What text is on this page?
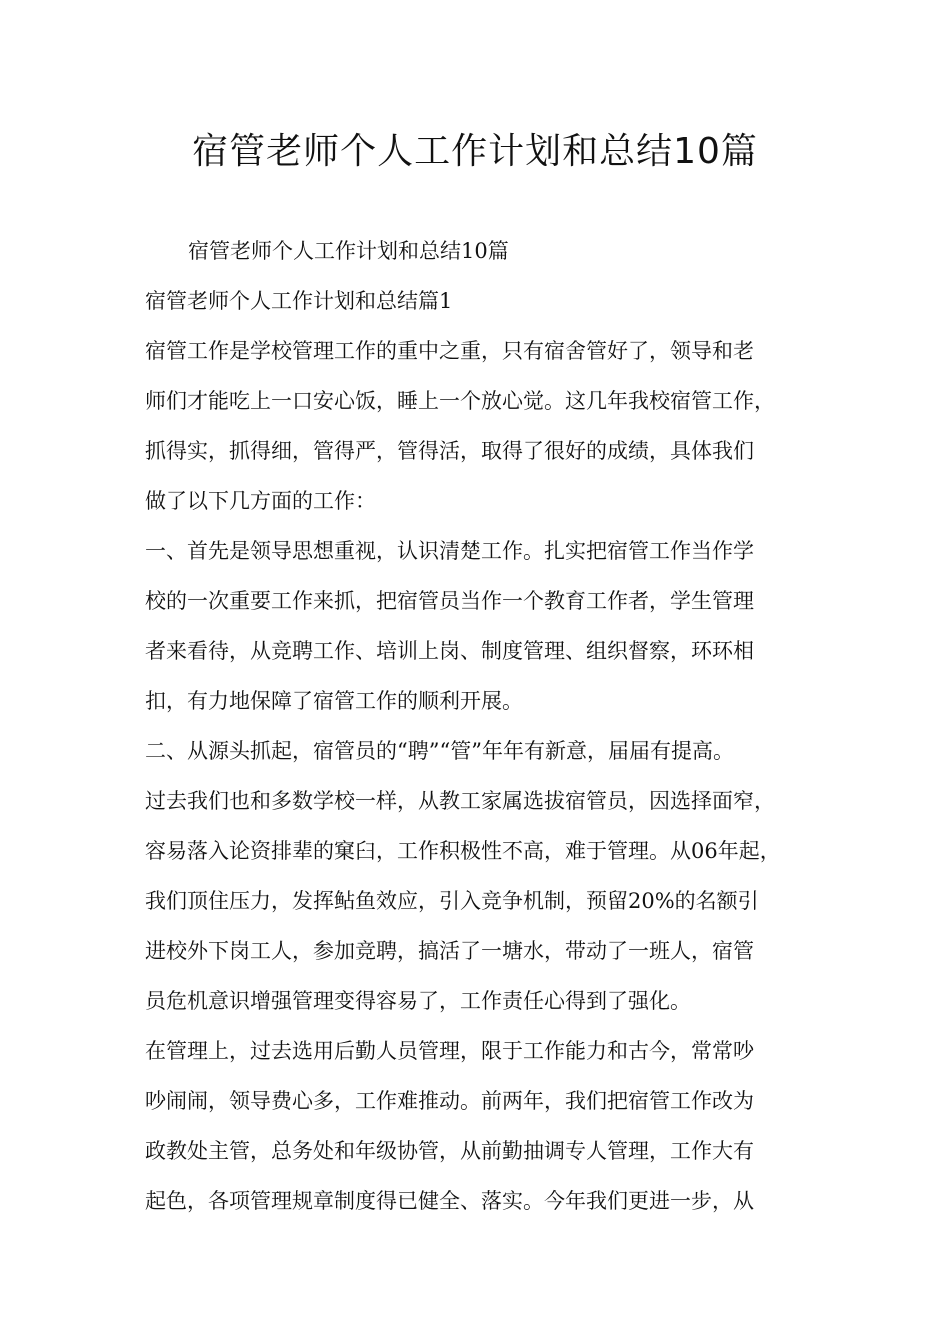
宿管老师个人工作计划和总结10篇
宿管老师个人工作计划和总结10篇
宿管老师个人工作计划和总结篇1
宿管工作是学校管理工作的重中之重，只有宿舍管好了，领导和老
师们才能吃上一口安心饭，睡上一个放心觉。这几年我校宿管工作，
抓得实，抓得细，管得严，管得活，取得了很好的成绩，具体我们
做了以下几方面的工作：
一、首先是领导思想重视，认识清楚工作。扎实把宿管工作当作学
校的一次重要工作来抓，把宿管员当作一个教育工作者，学生管理
者来看待，从竞聘工作、培训上岗、制度管理、组织督察，环环相
扣，有力地保障了宿管工作的顺利开展。
二、从源头抓起，宿管员的“聘”“管”年年有新意，届届有提高。
过去我们也和多数学校一样，从教工家属选拔宿管员，因选择面窄，
容易落入论资排辈的窠臼，工作积极性不高，难于管理。从06年起，
我们顶住压力，发挥鲇鱼效应，引入竞争机制，预留20%的名额引
进校外下岗工人，参加竞聘，搞活了一塘水，带动了一班人，宿管
员危机意识增强管理变得容易了，工作责任心得到了强化。
在管理上，过去选用后勤人员管理，限于工作能力和古今，常常吵
吵闹闹，领导费心多，工作难推动。前两年，我们把宿管工作改为
政教处主管，总务处和年级协管，从前勤抽调专人管理，工作大有
起色，各项管理规章制度得已健全、落实。今年我们更进一步，从
